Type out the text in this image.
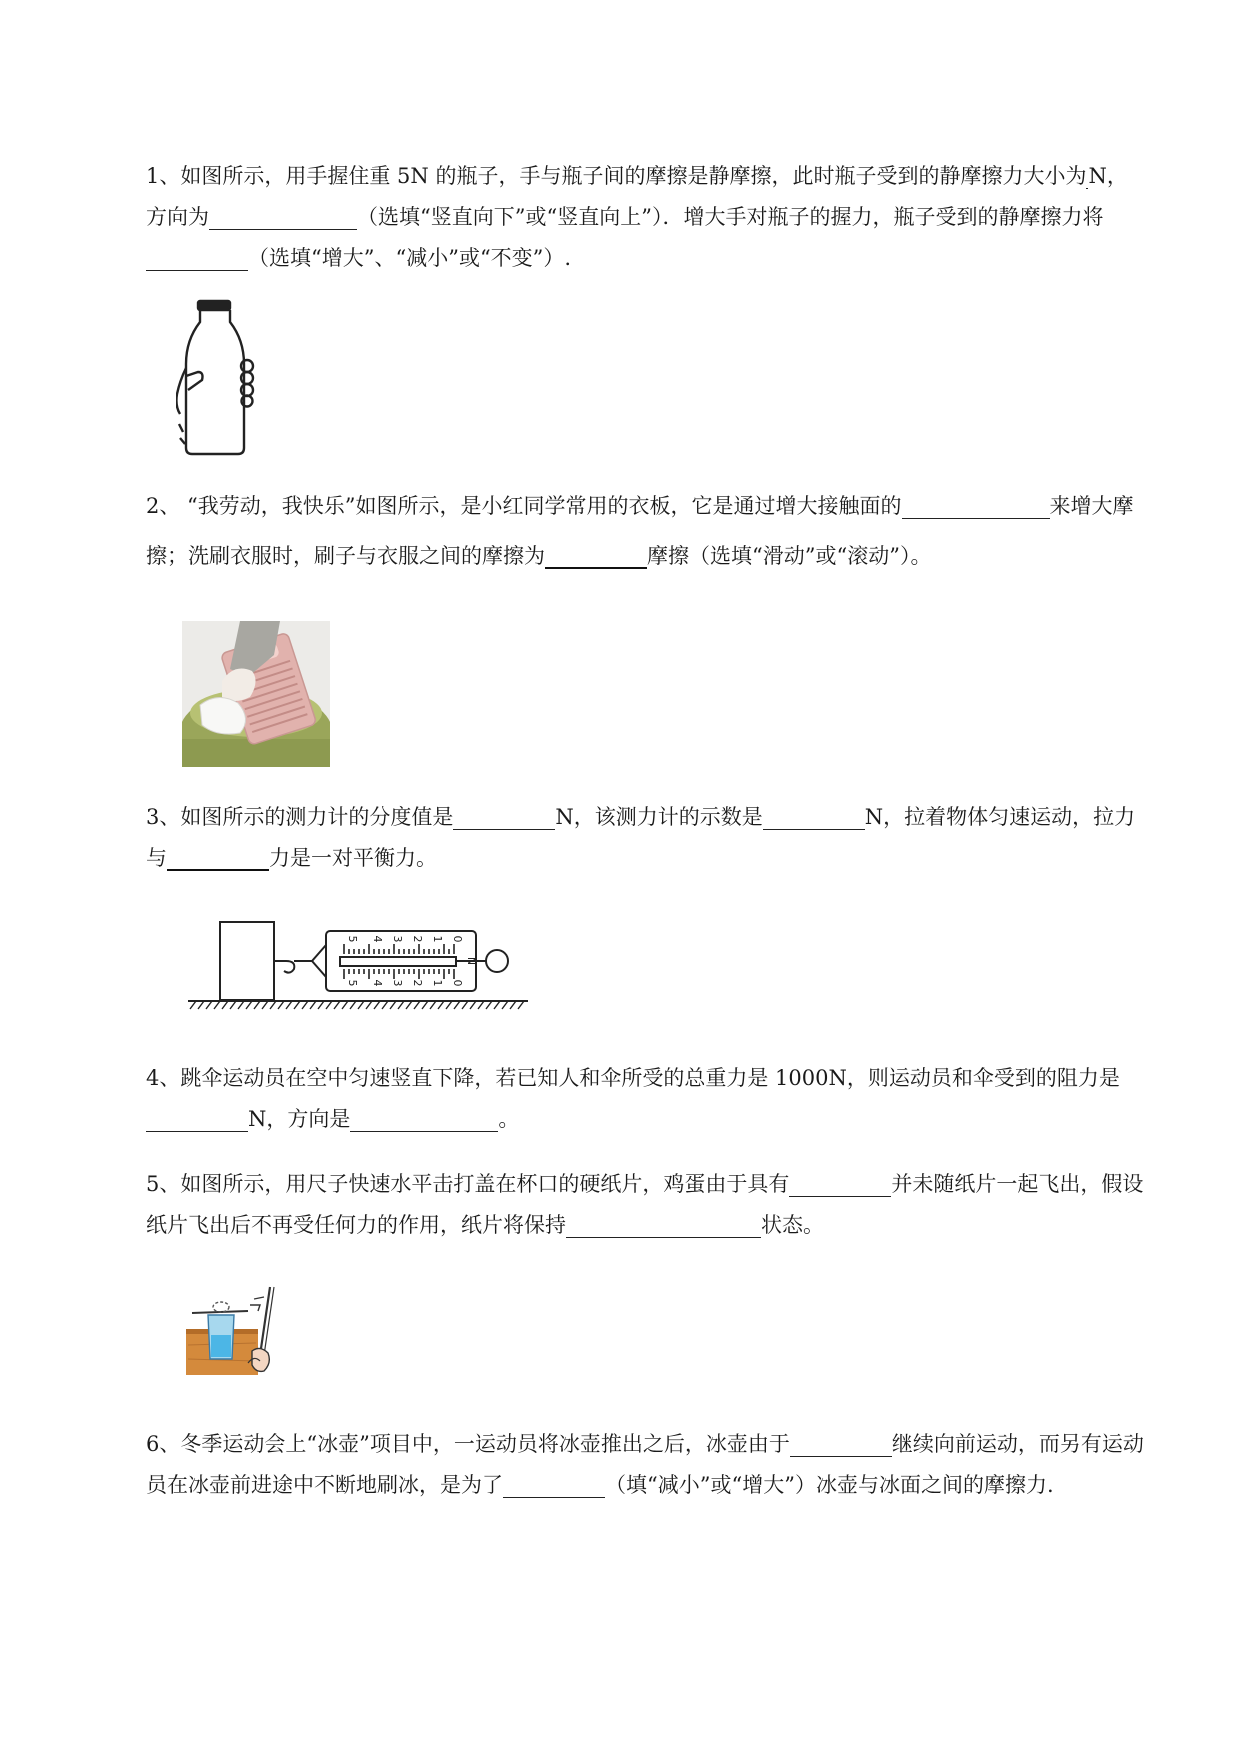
1、如图所示，用手握住重 5N 的瓶子，手与瓶子间的摩擦是静摩擦，此时瓶子受到的静摩擦力大小为N，方向为	（选填“竖直向下”或“竖直向上”）．增大手对瓶子的握力，瓶子受到的静摩擦力将（选填“增大”、“减小”或“不变”）.

2、 “我劳动，我快乐”如图所示，是小红同学常用的衣板，它是通过增大接触面的	来增大摩擦；洗刷衣服时，刷子与衣服之间的摩擦为	摩擦（选填“滑动”或“滚动”）。

3、如图所示的测力计的分度值是	N，该测力计的示数是	N，拉着物体匀速运动，拉力与	力是一对平衡力。

0
1
2
3
4
5
0
1
2
3
4
5
N

4、跳伞运动员在空中匀速竖直下降，若已知人和伞所受的总重力是 1000N，则运动员和伞受到的阻力是N，方向是	。

5、如图所示，用尺子快速水平击打盖在杯口的硬纸片，鸡蛋由于具有	并未随纸片一起飞出，假设纸片飞出后不再受任何力的作用，纸片将保持	状态。

6、冬季运动会上“冰壶”项目中，一运动员将冰壶推出之后，冰壶由于	继续向前运动，而另有运动员在冰壶前进途中不断地刷冰，是为了	（填“减小”或“增大”）冰壶与冰面之间的摩擦力.
